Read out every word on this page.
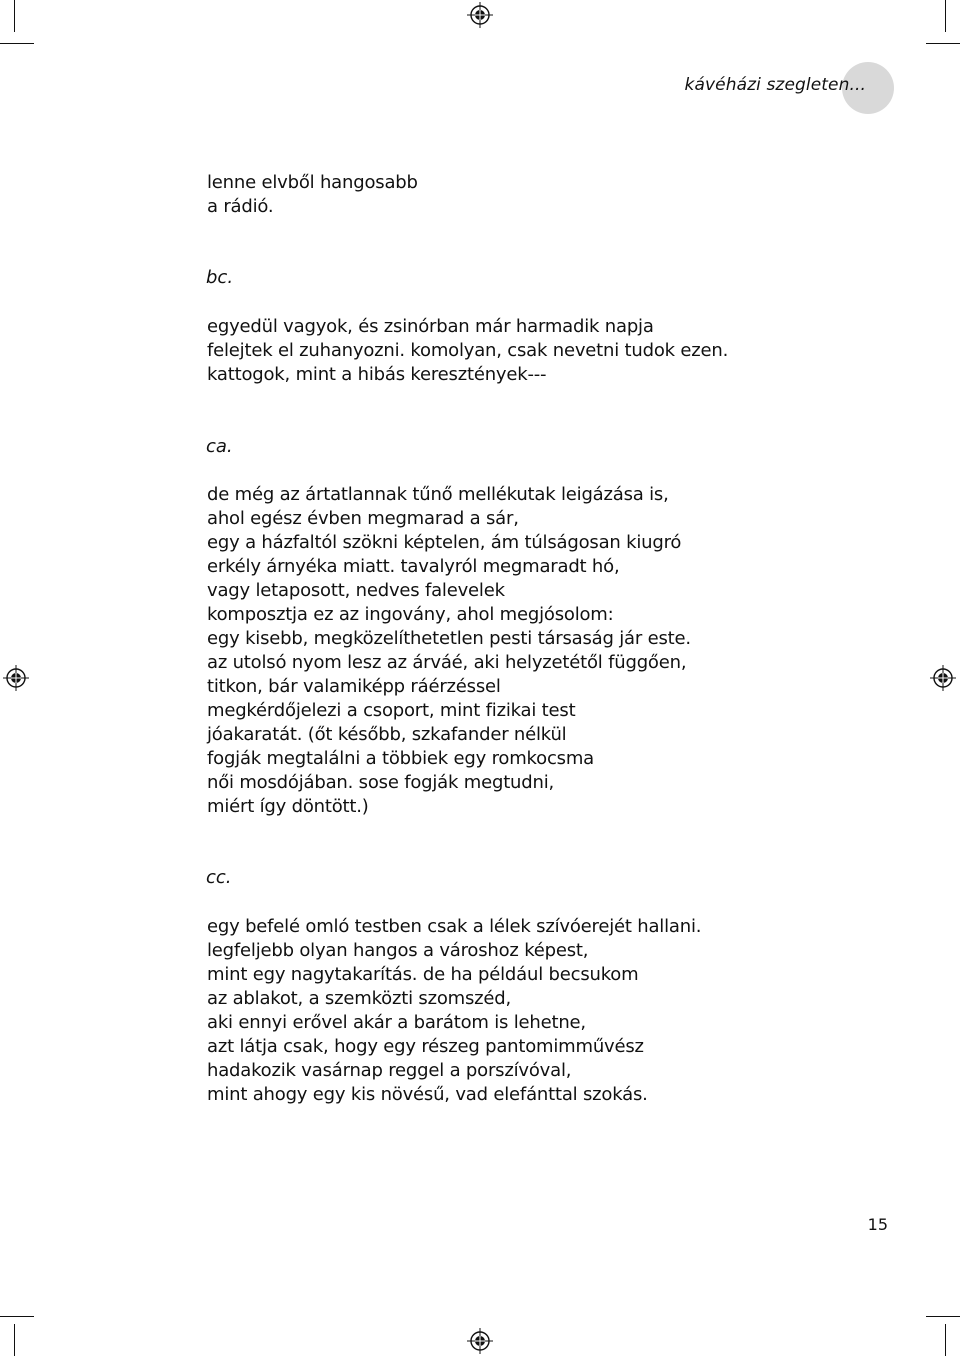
kávéházi szegleten...
lenne elvből hangosabb
a rádió.
bc.
egyedül vagyok, és zsinórban már harmadik napja
felejtek el zuhanyozni. komolyan, csak nevetni tudok ezen.
kattogok, mint a hibás keresztények---
ca.
de még az ártatlannak tűnő mellékutak leigázása is,
ahol egész évben megmarad a sár,
egy a házfaltól szökni képtelen, ám túlságosan kiugró
erkély árnyéka miatt. tavalyról megmaradt hó,
vagy letaposott, nedves falevelek
komposztja ez az ingovány, ahol megjósolom:
egy kisebb, megközelíthetetlen pesti társaság jár este.
az utolsó nyom lesz az árváé, aki helyzetétől függően,
titkon, bár valamiképp ráérzéssel
megkérdőjelezi a csoport, mint fizikai test
jóakaratát. (őt később, szkafander nélkül
fogják megtalálni a többiek egy romkocsma
női mosdójában. sose fogják megtudni,
miért így döntött.)
cc.
egy befelé omló testben csak a lélek szívóerejét hallani.
legfeljebb olyan hangos a városhoz képest,
mint egy nagytakarítás. de ha például becsukom
az ablakot, a szemközti szomszéd,
aki ennyi erővel akár a barátom is lehetne,
azt látja csak, hogy egy részeg pantomimművész
hadakozik vasárnap reggel a porszívóval,
mint ahogy egy kis növésű, vad elefánttal szokás.
15
